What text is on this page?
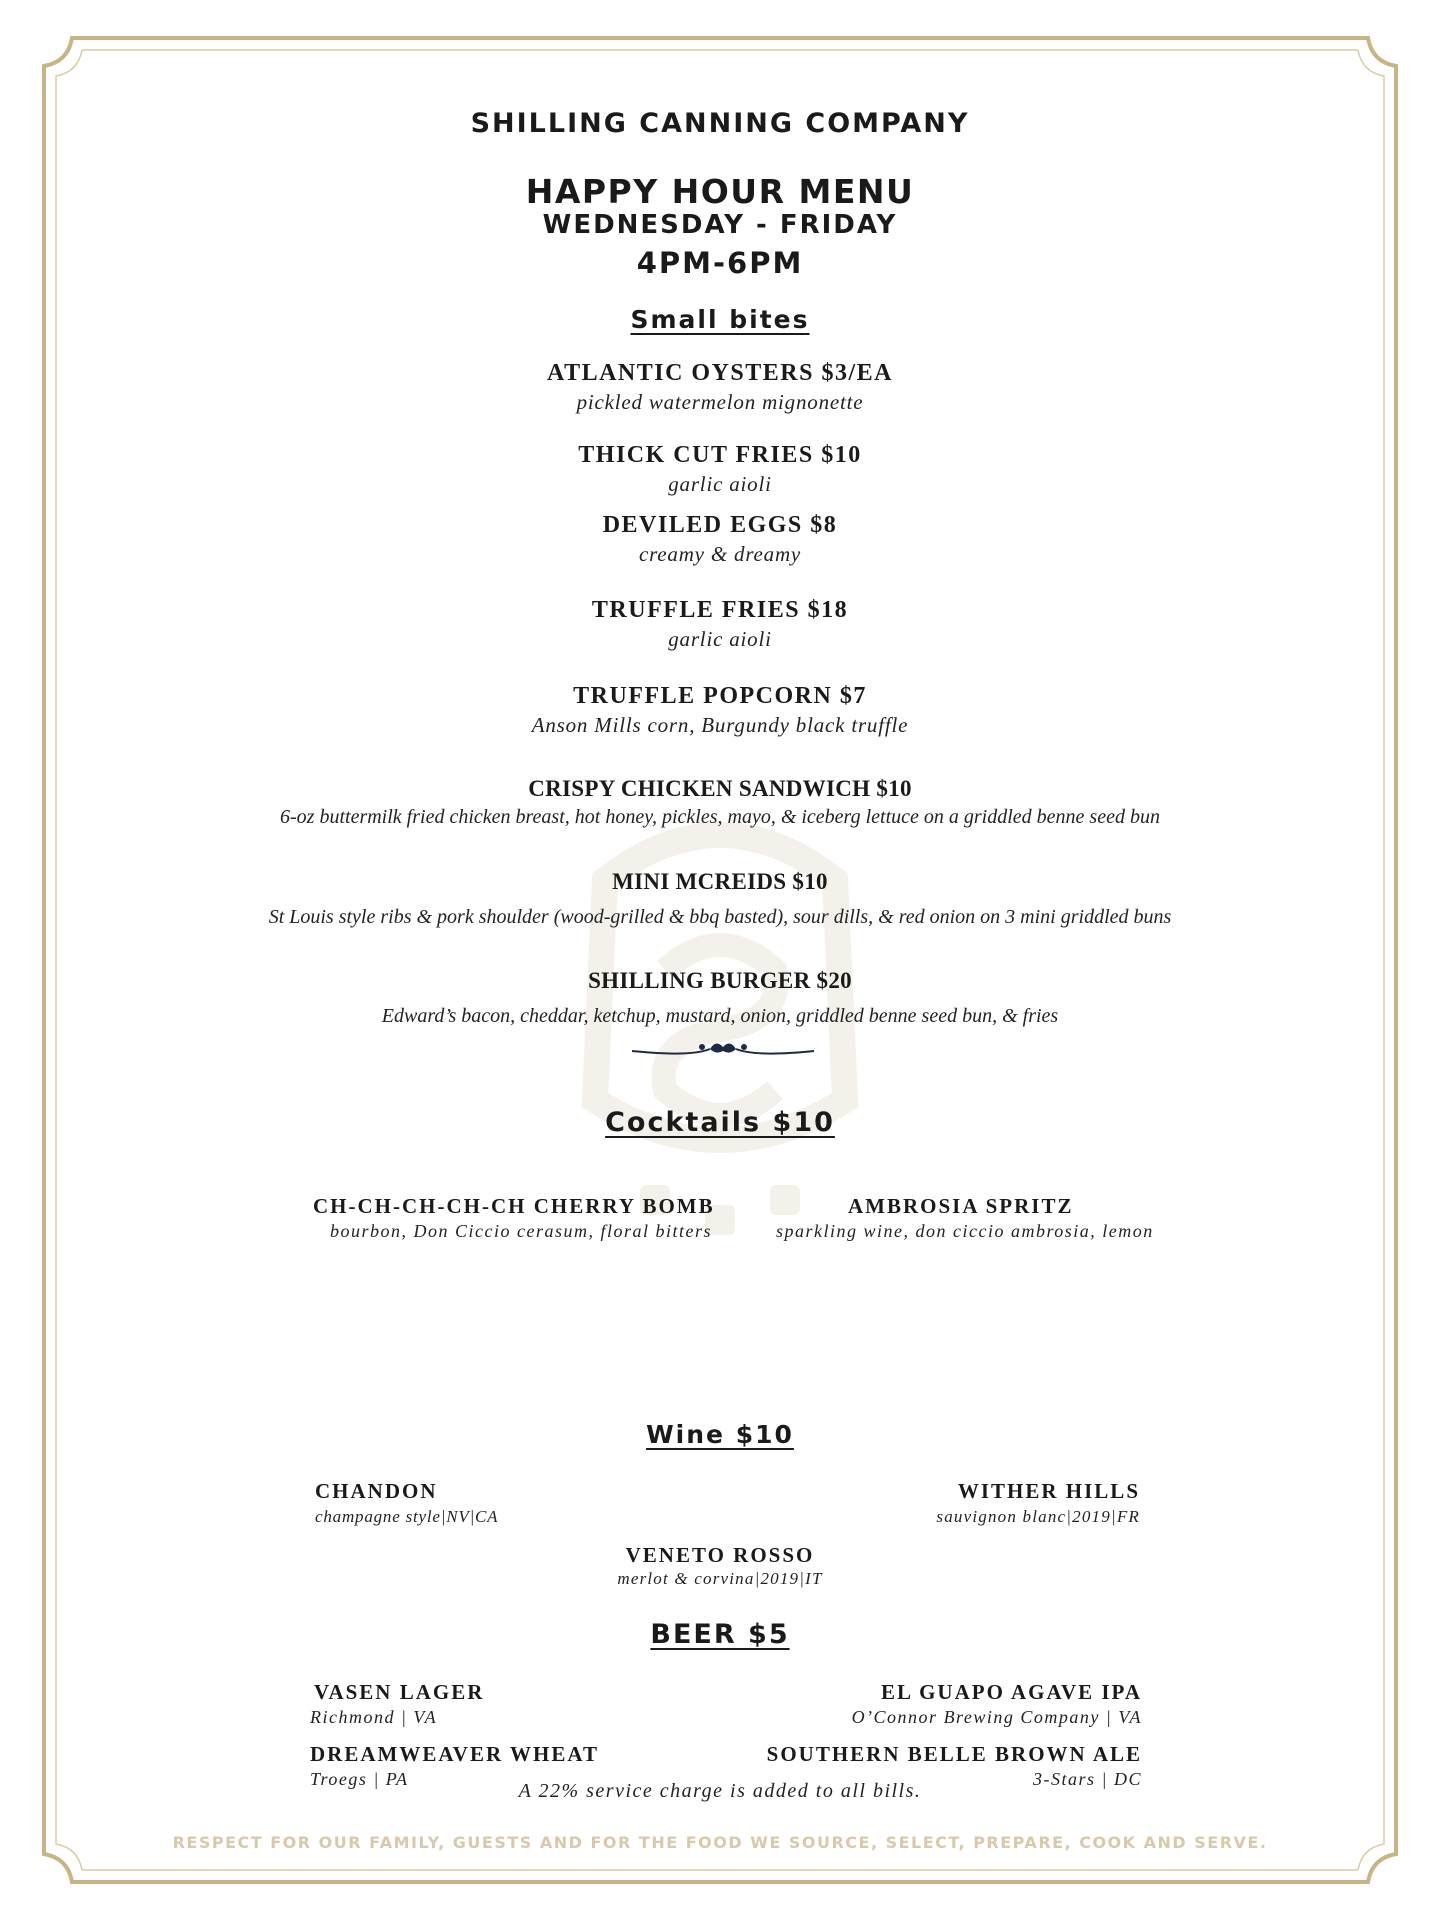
SHILLING CANNING COMPANY
HAPPY HOUR MENU
WEDNESDAY - FRIDAY
4PM-6PM
Small bites
ATLANTIC OYSTERS $3/EA
pickled watermelon mignonette
THICK CUT FRIES $10
garlic aioli
DEVILED EGGS $8
creamy & dreamy
TRUFFLE FRIES $18
garlic aioli
TRUFFLE POPCORN $7
Anson Mills corn, Burgundy black truffle
CRISPY CHICKEN SANDWICH $10
6-oz buttermilk fried chicken breast, hot honey, pickles, mayo, & iceberg lettuce on a griddled benne seed bun
MINI MCREIDS $10
St Louis style ribs & pork shoulder (wood-grilled & bbq basted), sour dills, & red onion on 3 mini griddled buns
SHILLING BURGER $20
Edward’s bacon, cheddar, ketchup, mustard, onion, griddled benne seed bun, & fries
Cocktails $10
CH-CH-CH-CH-CH CHERRY BOMB
bourbon, Don Ciccio cerasum, floral bitters
AMBROSIA SPRITZ
sparkling wine, don ciccio ambrosia, lemon
Wine $10
CHANDON
champagne style|NV|CA
WITHER HILLS
sauvignon blanc|2019|FR
VENETO ROSSO
merlot & corvina|2019|IT
BEER $5
VASEN LAGER
Richmond | VA
EL GUAPO AGAVE IPA
O’Connor Brewing Company | VA
DREAMWEAVER WHEAT
Troegs | PA
SOUTHERN BELLE BROWN ALE
3-Stars | DC
A 22% service charge is added to all bills.
RESPECT FOR OUR FAMILY, GUESTS AND FOR THE FOOD WE SOURCE, SELECT, PREPARE, COOK AND SERVE.
